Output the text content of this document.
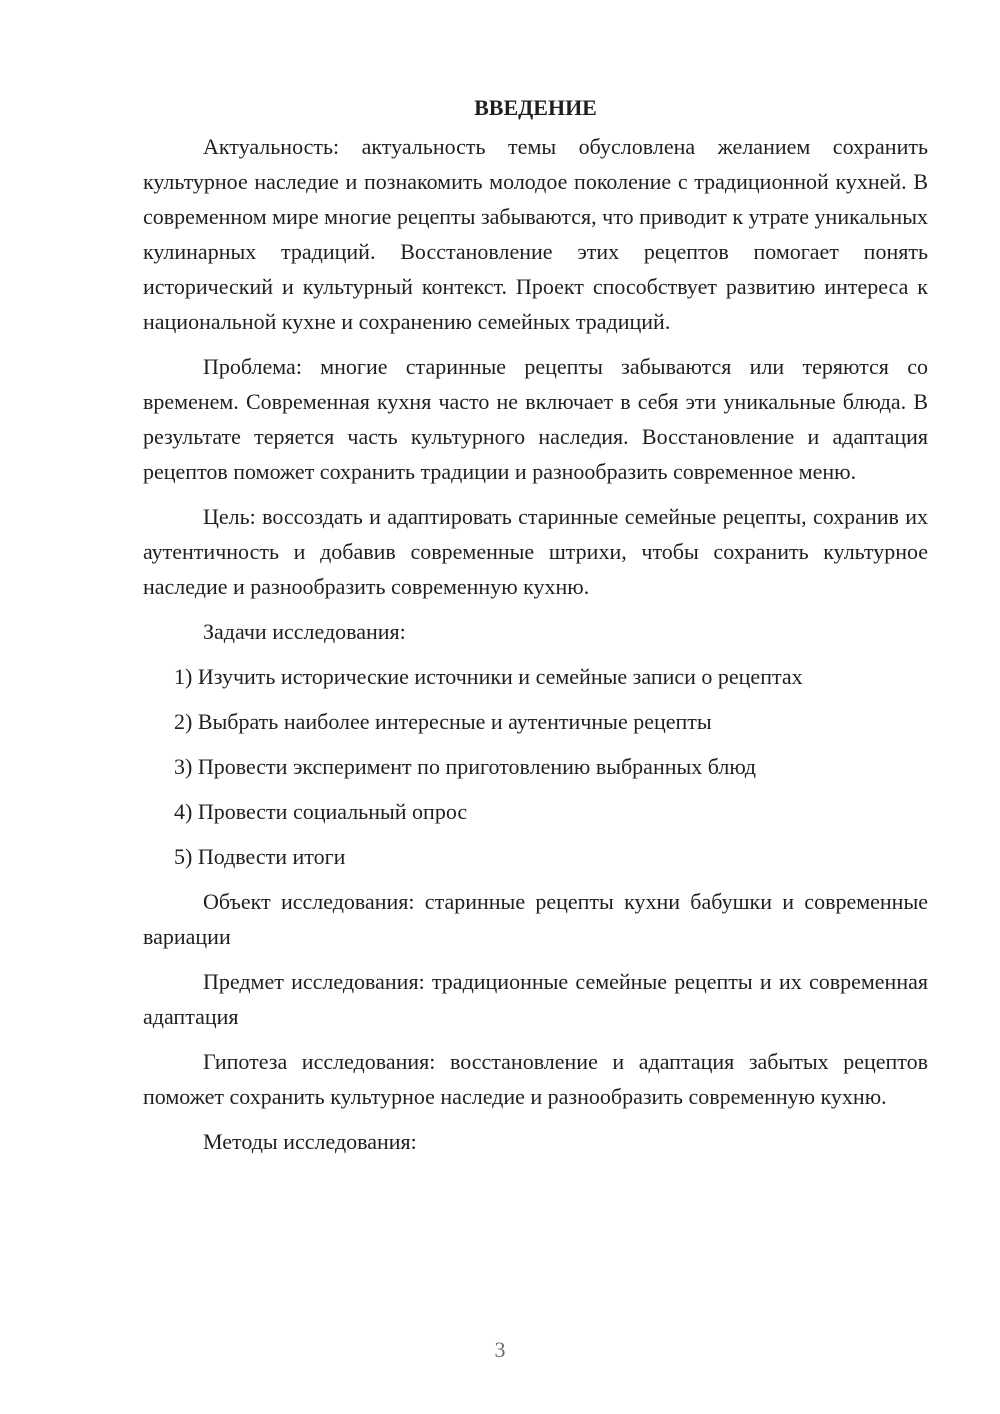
ВВЕДЕНИЕ

Актуальность: актуальность темы обусловлена желанием сохранить культурное наследие и познакомить молодое поколение с традиционной кухней. В современном мире многие рецепты забываются, что приводит к утрате уникальных кулинарных традиций. Восстановление этих рецептов помогает понять исторический и культурный контекст. Проект способствует развитию интереса к национальной кухне и сохранению семейных традиций.

Проблема: многие старинные рецепты забываются или теряются со временем. Современная кухня часто не включает в себя эти уникальные блюда. В результате теряется часть культурного наследия. Восстановление и адаптация рецептов поможет сохранить традиции и разнообразить современное меню.

Цель: воссоздать и адаптировать старинные семейные рецепты, сохранив их аутентичность и добавив современные штрихи, чтобы сохранить культурное наследие и разнообразить современную кухню.

Задачи исследования:

1) Изучить исторические источники и семейные записи о рецептах

2) Выбрать наиболее интересные и аутентичные рецепты

3) Провести эксперимент по приготовлению выбранных блюд

4) Провести социальный опрос

5) Подвести итоги

Объект исследования: старинные рецепты кухни бабушки и современные вариации

Предмет исследования: традиционные семейные рецепты и их современная адаптация

Гипотеза исследования: восстановление и адаптация забытых рецептов поможет сохранить культурное наследие и разнообразить современную кухню.

Методы исследования:

3
